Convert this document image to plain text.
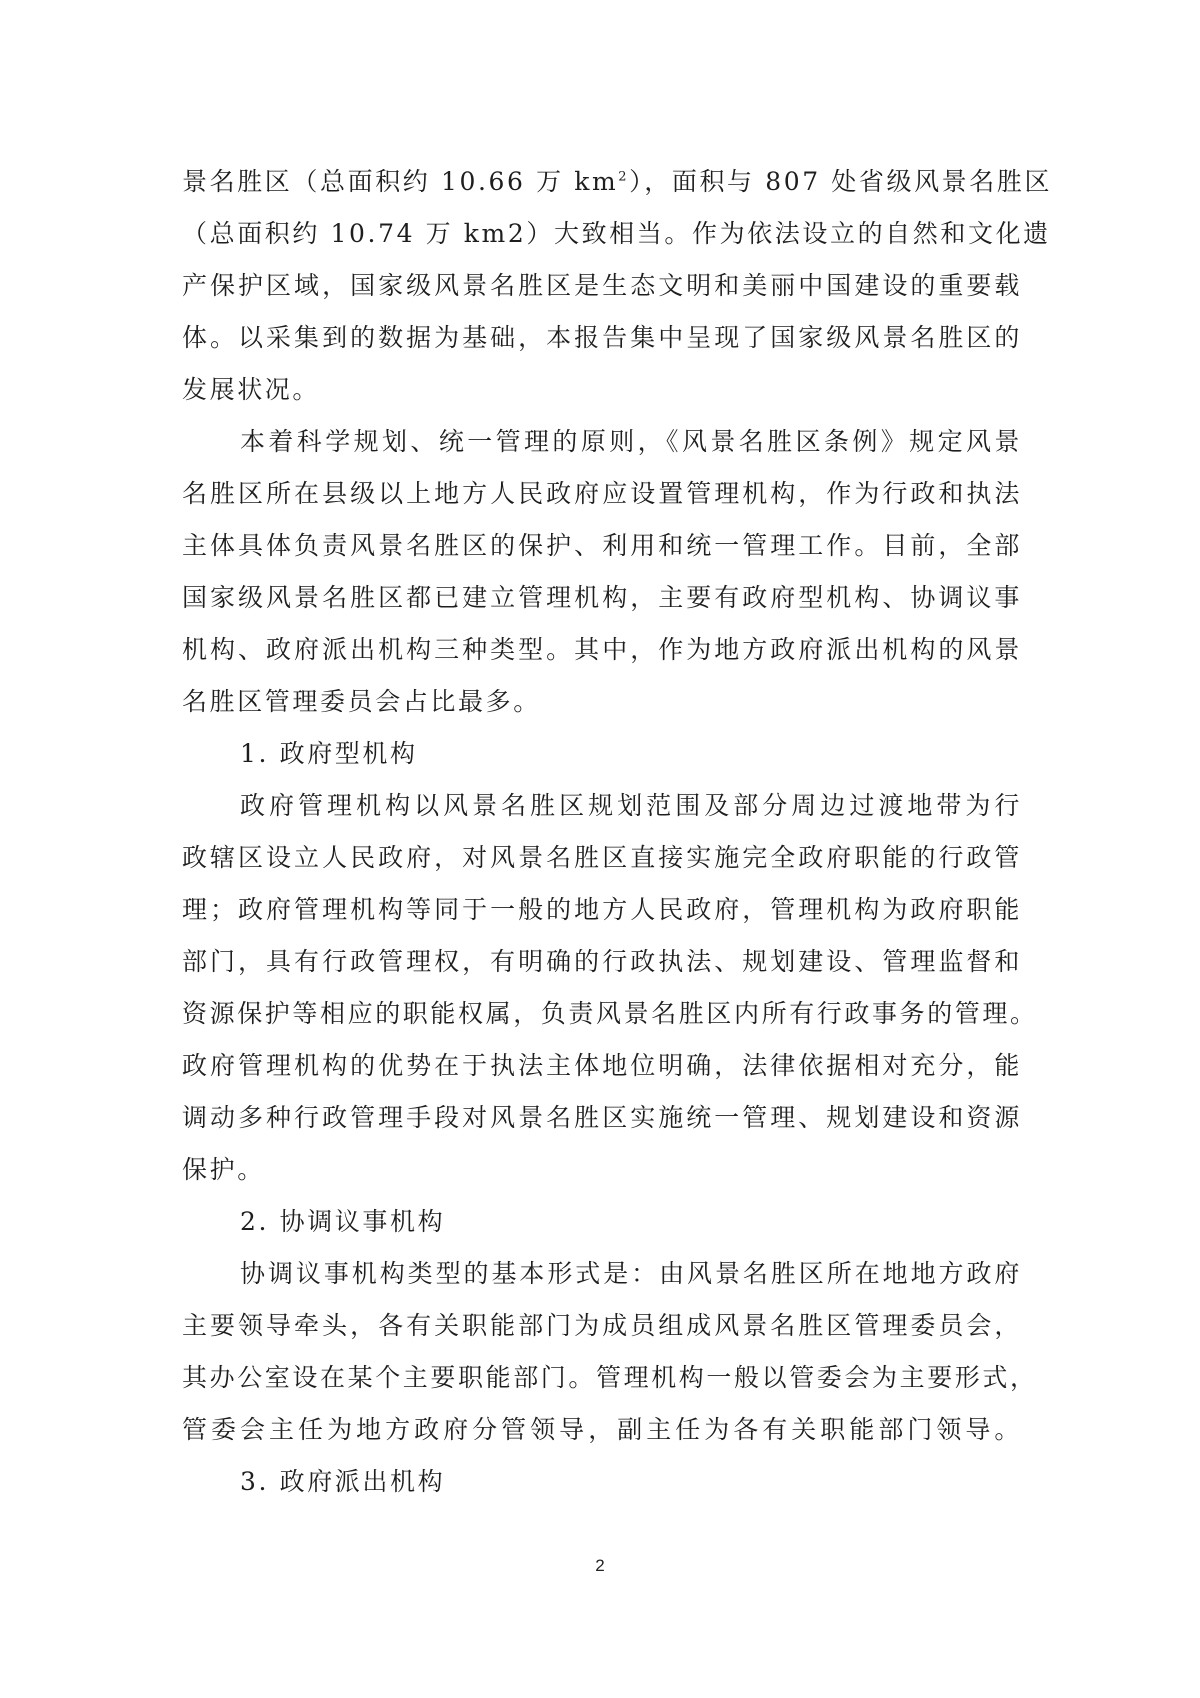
景名胜区（总面积约 10.66 万 $km^2$），面积与 807 处省级风景名胜区
（总面积约 10.74 万 km2）大致相当。作为依法设立的自然和文化遗
产保护区域，国家级风景名胜区是生态文明和美丽中国建设的重要载
体。以采集到的数据为基础，本报告集中呈现了国家级风景名胜区的
发展状况。
本着科学规划、统一管理的原则，《风景名胜区条例》规定风景
名胜区所在县级以上地方人民政府应设置管理机构，作为行政和执法
主体具体负责风景名胜区的保护、利用和统一管理工作。目前，全部
国家级风景名胜区都已建立管理机构，主要有政府型机构、协调议事
机构、政府派出机构三种类型。其中，作为地方政府派出机构的风景
名胜区管理委员会占比最多。
1. 政府型机构
政府管理机构以风景名胜区规划范围及部分周边过渡地带为行
政辖区设立人民政府，对风景名胜区直接实施完全政府职能的行政管
理；政府管理机构等同于一般的地方人民政府，管理机构为政府职能
部门，具有行政管理权，有明确的行政执法、规划建设、管理监督和
资源保护等相应的职能权属，负责风景名胜区内所有行政事务的管理。
政府管理机构的优势在于执法主体地位明确，法律依据相对充分，能
调动多种行政管理手段对风景名胜区实施统一管理、规划建设和资源
保护。
2. 协调议事机构
协调议事机构类型的基本形式是：由风景名胜区所在地地方政府
主要领导牵头，各有关职能部门为成员组成风景名胜区管理委员会，
其办公室设在某个主要职能部门。管理机构一般以管委会为主要形式，
管委会主任为地方政府分管领导，副主任为各有关职能部门领导。
3. 政府派出机构
2
